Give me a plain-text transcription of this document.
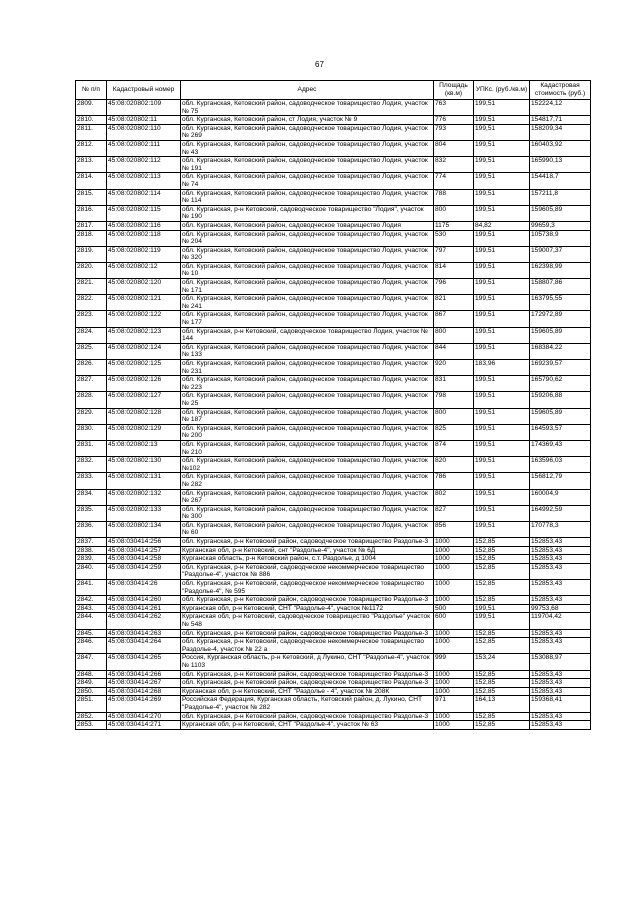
67
№ п/п	Кадастровый номер	Адрес	Площадь (кв.м)	УПКс. (руб./кв.м)	Кадастровая стоимость (руб.)
2809.	45:08:020802:109	обл. Курганская, Кетовский район, садоводческое товарищество Лодия, участок № 75	763	199,51	152224,12
2810.	45:08:020802:11	обл. Курганская, Кетовский район, ст Лодия, участок № 9	776	199,51	154817,71
2811.	45:08:020802:110	обл. Курганская, Кетовский район, садоводческое товарищество Лодия, участок № 269	793	199,51	158209,34
2812.	45:08:020802:111	обл. Курганская, Кетовский район, садоводческое товарищество Лодия, участок № 43	804	199,51	160403,92
2813.	45:08:020802:112	обл. Курганская, Кетовский район, садоводческое товарищество Лодия, участок № 191	832	199,51	165990,13
2814.	45:08:020802:113	обл. Курганская, Кетовский район, садоводческое товарищество Лодия, участок № 74	774	199,51	154418,7
2815.	45:08:020802:114	обл. Курганская, Кетовский район, садоводческое товарищество Лодия, участок № 114	788	199,51	157211,8
2816.	45:08:020802:115	обл. Курганская, р-н Кетовский, садоводческое товарищество "Лодия", участок № 190	800	199,51	159605,89
2817.	45:08:020802:116	обл. Курганская, Кетовский район, садоводческое товарищество Лодия	1175	84,82	99659,3
2818.	45:08:020802:118	обл. Курганская, Кетовский район, садоводческое товарищество Лодия, участок № 204	530	199,51	105738,9
2819.	45:08:020802:119	обл. Курганская, Кетовский район, садоводческое товарищество Лодия, участок № 320	797	199,51	159007,37
2820.	45:08:020802:12	обл. Курганская, Кетовский район, садоводческое товарищество Лодия, участок № 10	814	199,51	162398,99
2821.	45:08:020802:120	обл. Курганская, Кетовский район, садоводческое товарищество Лодия, участок № 171	796	199,51	158807,86
2822.	45:08:020802:121	обл. Курганская, Кетовский район, садоводческое товарищество Лодия, участок № 241	821	199,51	163795,55
2823.	45:08:020802:122	обл. Курганская, Кетовский район, садоводческое товарищество Лодия, участок № 177	867	199,51	172972,89
2824.	45:08:020802:123	обл. Курганская, р-н Кетовский, садоводческое товарищество Лодия, участок № 144	800	199,51	159605,89
2825.	45:08:020802:124	обл. Курганская, Кетовский район, садоводческое товарищество Лодия, участок № 133	844	199,51	168384,22
2826.	45:08:020802:125	обл. Курганская, Кетовский район, садоводческое товарищество Лодия, участок № 231	920	183,96	169239,57
2827.	45:08:020802:126	обл. Курганская, Кетовский район, садоводческое товарищество Лодия, участок № 223	831	199,51	165790,62
2828.	45:08:020802:127	обл. Курганская, Кетовский район, садоводческое товарищество Лодия, участок № 25	798	199,51	159206,88
2829.	45:08:020802:128	обл. Курганская, Кетовский район, садоводческое товарищество Лодия, участок № 187	800	199,51	159605,89
2830.	45:08:020802:129	обл. Курганская, Кетовский район, садоводческое товарищество Лодия, участок № 200	825	199,51	164593,57
2831.	45:08:020802:13	обл. Курганская, Кетовский район, садоводческое товарищество Лодия, участок № 210	874	199,51	174369,43
2832.	45:08:020802:130	обл. Курганская, Кетовский район, садоводческое товарищество Лодия, участок №102	820	199,51	163596,03
2833.	45:08:020802:131	обл. Курганская, Кетовский район, садоводческое товарищество Лодия, участок № 282	786	199,51	156812,79
2834.	45:08:020802:132	обл. Курганская, Кетовский район, садоводческое товарищество Лодия, участок № 267	802	199,51	160004,9
2835.	45:08:020802:133	обл. Курганская, Кетовский район, садоводческое товарищество Лодия, участок № 300	827	199,51	164992,59
2836.	45:08:020802:134	обл. Курганская, Кетовский район, садоводческое товарищество Лодия, участок № 60	856	199,51	170778,3
2837.	45:08:030414:256	обл. Курганская, р-н Кетовский район, садоводческое товарищество Раздолье-3	1000	152,85	152853,43
2838.	45:08:030414:257	Курганская обл, р-н Кетовский, снт "Раздолье-4", участок № 6Д	1000	152,85	152853,43
2839.	45:08:030414:258	Курганская область, р-н Кетовский район, с.т. Раздолье, д 1004	1000	152,85	152853,43
2840.	45:08:030414:259	обл. Курганская, р-н Кетовский, садоводческое некоммерческое товарищество "Раздолье-4", участок № 886	1000	152,85	152853,43
2841.	45:08:030414:26	обл. Курганская, р-н Кетовский, садоводческое некоммерческое товарищество "Раздолье-4", № 595	1000	152,85	152853,43
2842.	45:08:030414:260	обл. Курганская, р-н Кетовский район, садоводческое товарищество Раздолье-3	1000	152,85	152853,43
2843.	45:08:030414:261	Курганская обл, р-н Кетовский, СНТ "Раздолье-4", участок №1172	500	199,51	99753,68
2844.	45:08:030414:262	Курганская обл, р-н Кетовский, садоводческое товарищество "Раздолье" участок № 548	600	199,51	119704,42
2845.	45:08:030414:263	обл. Курганская, р-н Кетовский район, садоводческое товарищество Раздолье-3	1000	152,85	152853,43
2846.	45:08:030414:264	обл. Курганская, р-н Кетовский, садоводческое некоммерческое товарищество Раздолье-4, участок № 22 а	1000	152,85	152853,43
2847.	45:08:030414:265	Россия, Курганская область, р-н Кетовский, д Лукино, СНТ "Раздолье-4", участок № 1103	999	153,24	153088,97
2848.	45:08:030414:266	обл. Курганская, р-н Кетовский район, садоводческое товарищество Раздолье-3	1000	152,85	152853,43
2849.	45:08:030414:267	обл. Курганская, р-н Кетовский район, садоводческое товарищество Раздолье-3	1000	152,85	152853,43
2850.	45:08:030414:268	Курганская обл, р-н Кетовский, СНТ "Раздолье - 4", участок № 208К	1000	152,85	152853,43
2851.	45:08:030414:269	Российская Федерация, Курганская область, Кетовский район, д. Лукино, СНТ "Раздолье-4", участок № 282	971	164,13	159368,41
2852.	45:08:030414:270	обл. Курганская, р-н Кетовский район, садоводческое товарищество Раздолье-3	1000	152,85	152853,43
2853.	45:08:030414:271	Курганская обл, р-н Кетовский, СНТ "Раздолье-4", участок № 63	1000	152,85	152853,43
